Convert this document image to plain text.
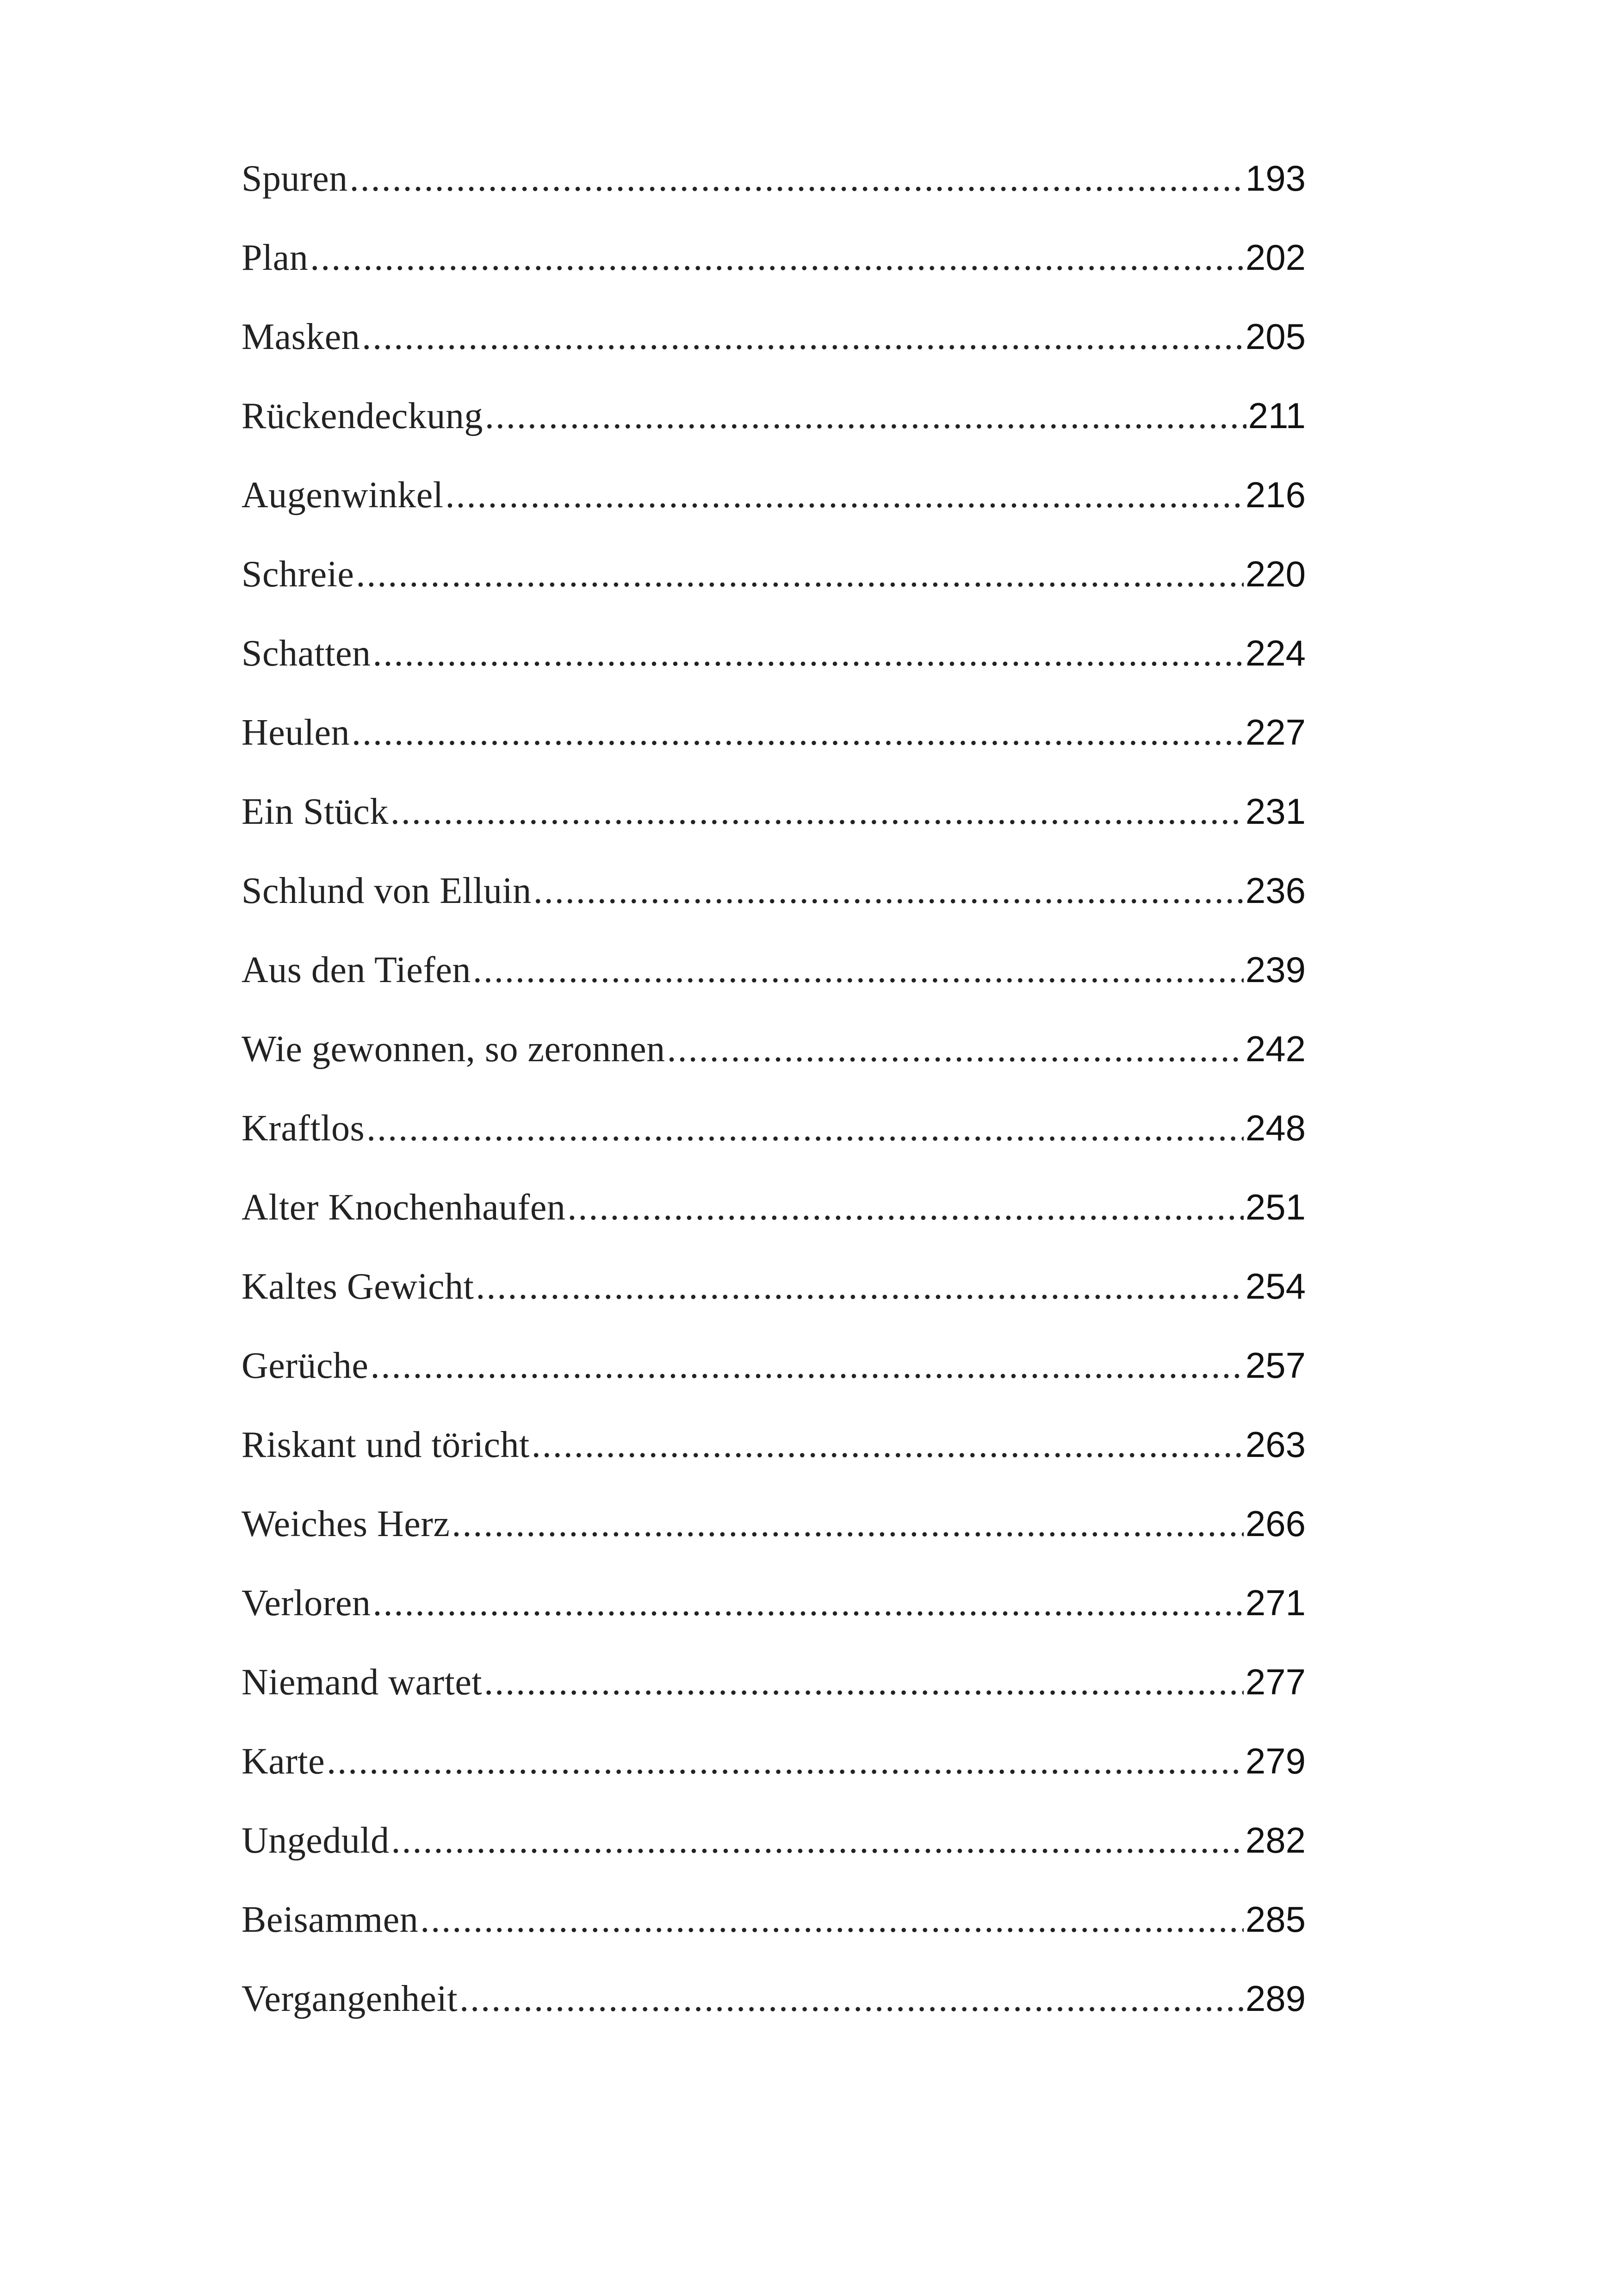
Spuren .....	193
Plan .....	202
Masken .....	205
Rückendeckung .....	211
Augenwinkel .....	216
Schreie .....	220
Schatten .....	224
Heulen .....	227
Ein Stück .....	231
Schlund von Elluin .....	236
Aus den Tiefen .....	239
Wie gewonnen, so zeronnen .....	242
Kraftlos .....	248
Alter Knochenhaufen .....	251
Kaltes Gewicht .....	254
Gerüche .....	257
Riskant und töricht .....	263
Weiches Herz .....	266
Verloren .....	271
Niemand wartet .....	277
Karte .....	279
Ungeduld .....	282
Beisammen .....	285
Vergangenheit .....	289
